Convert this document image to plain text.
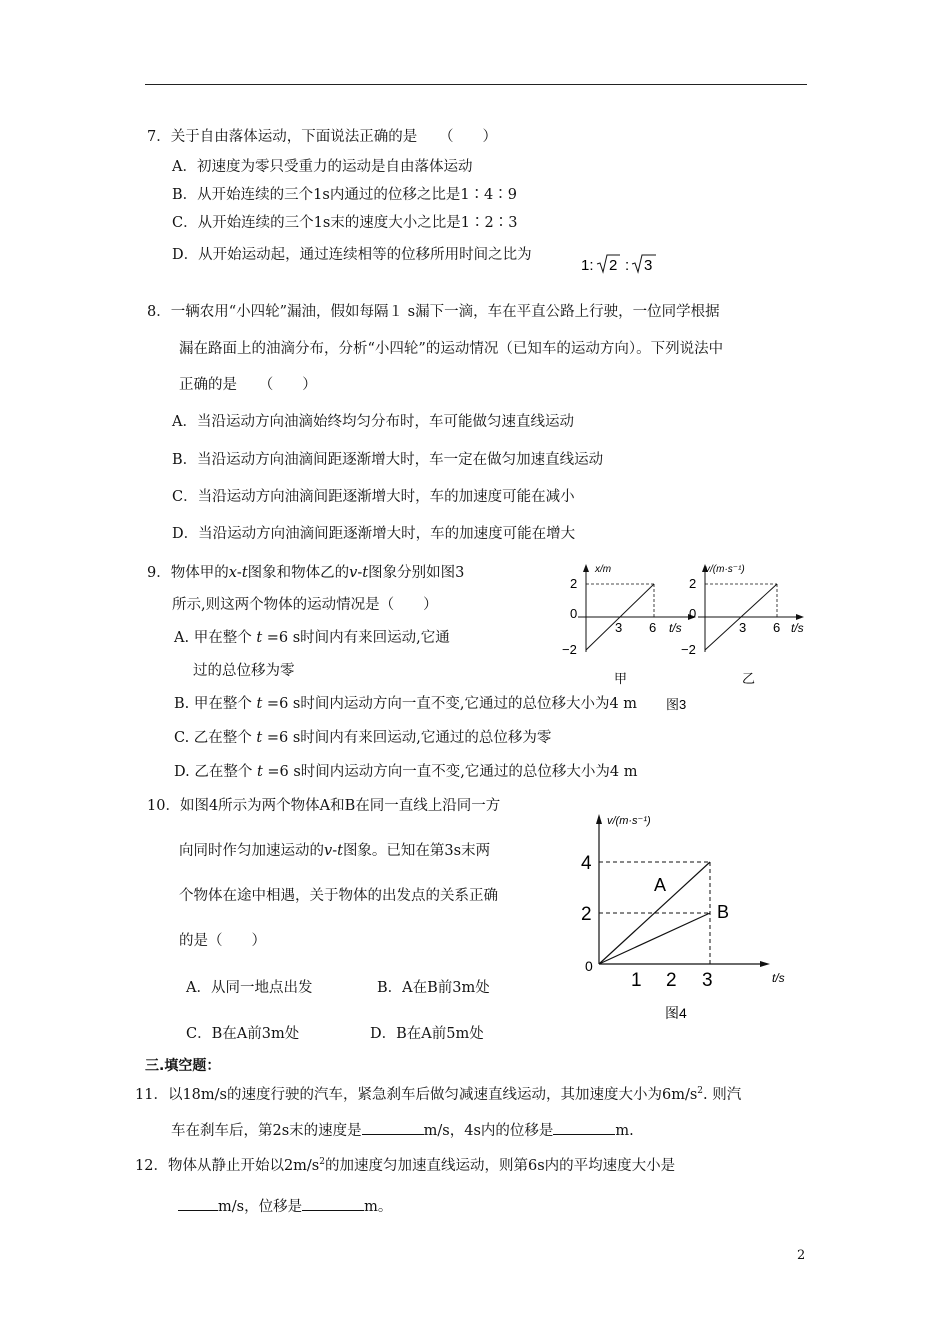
7．关于自由落体运动，下面说法正确的是　　（　　）
A．初速度为零只受重力的运动是自由落体运动
B．从开始连续的三个1s内通过的位移之比是1∶4∶9
C．从开始连续的三个1s末的速度大小之比是1∶2∶3
D．从开始运动起，通过连续相等的位移所用时间之比为
1: 2 : 3
8．一辆农用“小四轮”漏油，假如每隔１ s漏下一滴，车在平直公路上行驶，一位同学根据
漏在路面上的油滴分布，分析“小四轮”的运动情况（已知车的运动方向）。下列说法中
正确的是　　（　　）
A．当沿运动方向油滴始终均匀分布时，车可能做匀速直线运动
B．当沿运动方向油滴间距逐渐增大时，车一定在做匀加速直线运动
C．当沿运动方向油滴间距逐渐增大时，车的加速度可能在减小
D．当沿运动方向油滴间距逐渐增大时，车的加速度可能在增大
9．物体甲的x-t图象和物体乙的v-t图象分别如图3
所示,则这两个物体的运动情况是（　　）
A. 甲在整个 t =6 s时间内有来回运动,它通
过的总位移为零
B. 甲在整个 t =6 s时间内运动方向一直不变,它通过的总位移大小为4 m
C. 乙在整个 t =6 s时间内有来回运动,它通过的总位移为零
D. 乙在整个 t =6 s时间内运动方向一直不变,它通过的总位移大小为4 m
x/m
2
0
−2
3 6 t/s
甲
v/(m·s⁻¹)
2
0
−2
3 6 t/s
乙
图3
10．如图4所示为两个物体A和B在同一直线上沿同一方
向同时作匀加速运动的v-t图象。已知在第3s末两
个物体在途中相遇，关于物体的出发点的关系正确
的是（　　）
A．从同一地点出发	B．A在B前3m处
C．B在A前3m处	D．B在A前5m处
v/(m·s⁻¹)
4
2
0
1 2 3	t/s
A
B
图4
三.填空题：
11．以18m/s的速度行驶的汽车，紧急刹车后做匀减速直线运动，其加速度大小为$6m/s^2$. 则汽
车在刹车后，第2s末的速度是	m/s，4s内的位移是	m.
12．物体从静止开始以$2m/s^2$的加速度匀加速直线运动，则第6s内的平均速度大小是
m/s，位移是	m。
2
